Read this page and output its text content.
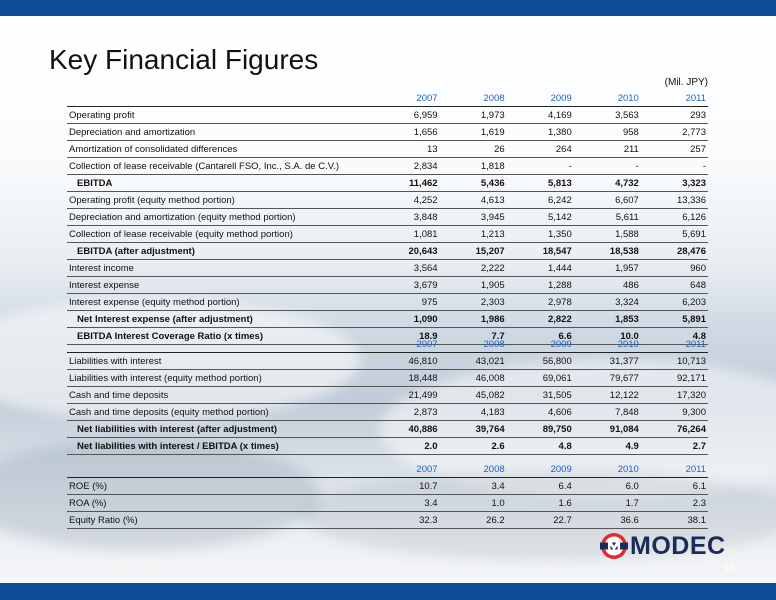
Key Financial Figures
(Mil. JPY)
	2007	2008	2009	2010	2011
Operating profit	6,959	1,973	4,169	3,563	293
Depreciation and amortization	1,656	1,619	1,380	958	2,773
Amortization of consolidated differences	13	26	264	211	257
Collection of lease receivable (Cantarell FSO, Inc., S.A. de C.V.)	2,834	1,818	-	-	-
EBITDA	11,462	5,436	5,813	4,732	3,323
Operating profit (equity method portion)	4,252	4,613	6,242	6,607	13,336
Depreciation and amortization (equity method portion)	3,848	3,945	5,142	5,611	6,126
Collection of lease receivable (equity method portion)	1,081	1,213	1,350	1,588	5,691
EBITDA (after adjustment)	20,643	15,207	18,547	18,538	28,476
Interest income	3,564	2,222	1,444	1,957	960
Interest expense	3,679	1,905	1,288	486	648
Interest expense (equity method portion)	975	2,303	2,978	3,324	6,203
Net Interest expense (after adjustment)	1,090	1,986	2,822	1,853	5,891
EBITDA Interest Coverage Ratio (x times)	18.9	7.7	6.6	10.0	4.8
	2007	2008	2009	2010	2011
Liabilities with interest	46,810	43,021	56,800	31,377	10,713
Liabilities with interest (equity method portion)	18,448	46,008	69,061	79,677	92,171
Cash and time deposits	21,499	45,082	31,505	12,122	17,320
Cash and time deposits (equity method portion)	2,873	4,183	4,606	7,848	9,300
Net liabilities with interest (after adjustment)	40,886	39,764	89,750	91,084	76,264
Net liabilities with interest / EBITDA (x times)	2.0	2.6	4.8	4.9	2.7
	2007	2008	2009	2010	2011
ROE (%)	10.7	3.4	6.4	6.0	6.1
ROA (%)	3.4	1.0	1.6	1.7	2.3
Equity Ratio (%)	32.3	26.2	22.7	36.6	38.1
MODEC
15
